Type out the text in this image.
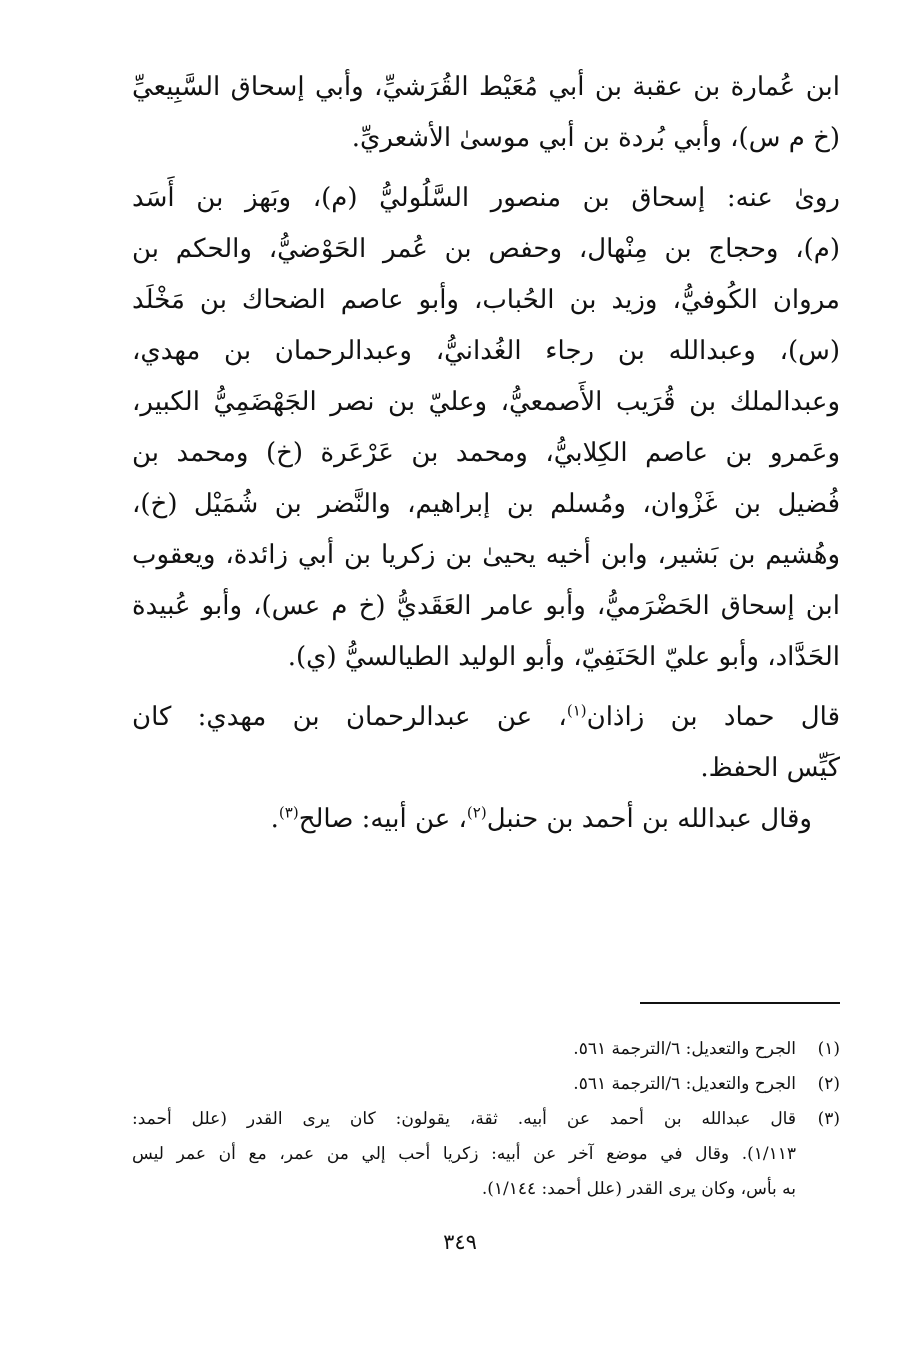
ابن عُمارة بن عقبة بن أبي مُعَيْط القُرَشيِّ، وأبي إسحاق السَّبِيعيِّ
(خ م س)، وأبي بُردة بن أبي موسىٰ الأشعريِّ.
رویٰ عنه: إسحاق بن منصور السَّلُوليُّ (م)، وبَهز بن أَسَد
(م)، وحجاج بن مِنْهال، وحفص بن عُمر الحَوْضيُّ، والحكم بن
مروان الكُوفيُّ، وزيد بن الحُباب، وأبو عاصم الضحاك بن مَخْلَد
(س)، وعبدالله بن رجاء الغُدانيُّ، وعبدالرحمان بن مهدي،
وعبدالملك بن قُرَيب الأَصمعيُّ، وعليّ بن نصر الجَهْضَمِيُّ الكبير،
وعَمرو بن عاصم الكِلابيُّ، ومحمد بن عَرْعَرة (خ) ومحمد بن
فُضيل بن غَزْوان، ومُسلم بن إبراهيم، والنَّضر بن شُمَيْل (خ)،
وهُشيم بن بَشير، وابن أخيه يحيىٰ بن زكريا بن أبي زائدة، ويعقوب
ابن إسحاق الحَضْرَميُّ، وأبو عامر العَقَديُّ (خ م عس)، وأبو عُبيدة
الحَدَّاد، وأبو عليّ الحَنَفِيّ، وأبو الوليد الطيالسيُّ (ي).
قال حماد بن زاذان$^{(١)}$، عن عبدالرحمان بن مهدي: كان
كَيِّس الحفظ.
وقال عبدالله بن أحمد بن حنبل$^{(٢)}$، عن أبيه: صالح$^{(٣)}$.
(١)
الجرح والتعديل: ٦/الترجمة ٥٦١.
(٢)
الجرح والتعديل: ٦/الترجمة ٥٦١.
(٣)
قال عبدالله بن أحمد عن أبيه. ثقة، يقولون: كان يرى القدر (علل أحمد:
١/١١٣). وقال في موضع آخر عن أبيه: زكريا أحب إلي من عمر، مع أن عمر ليس
به بأس، وكان يرى القدر (علل أحمد: ١/١٤٤).
٣٤٩
